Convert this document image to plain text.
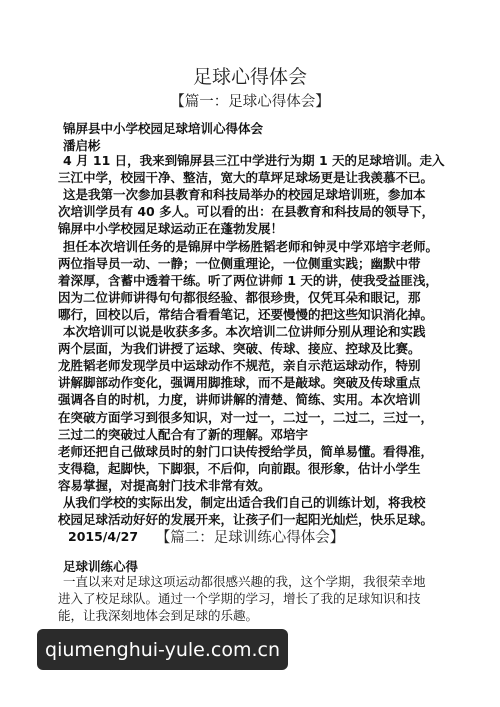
足球心得体会
【篇一：足球心得体会】
锦屏县中小学校园足球培训心得体会
潘启彬
4 月 11 日，我来到锦屏县三江中学进行为期 1 天的足球培训。走入
三江中学，校园干净、整洁，宽大的草坪足球场更是让我羡慕不已。
这是我第一次参加县教育和科技局举办的校园足球培训班，参加本
次培训学员有 40 多人。可以看的出：在县教育和科技局的领导下，
锦屏中小学校园足球运动正在蓬勃发展！
担任本次培训任务的是锦屏中学杨胜韬老师和钟灵中学邓培宇老师。
两位指导员一动、一静；一位侧重理论，一位侧重实践；幽默中带
着深厚，含蓄中透着干练。听了两位讲师 1 天的讲，使我受益匪浅，
因为二位讲师讲得句句都很经验、都很珍贵，仅凭耳朵和眼记，那
哪行，回校以后，常结合看看笔记，还要慢慢的把这些知识消化掉。
本次培训可以说是收获多多。本次培训二位讲师分别从理论和实践
两个层面，为我们讲授了运球、突破、传球、接应、控球及比赛。
龙胜韬老师发现学员中运球动作不规范，亲自示范运球动作，特别
讲解脚部动作变化，强调用脚推球，而不是敲球。突破及传球重点
强调各自的时机，力度，讲师讲解的清楚、简练、实用。本次培训
在突破方面学习到很多知识，对一过一，二过一，二过二，三过一，
三过二的突破过人配合有了新的理解。邓培宇
老师还把自己做球员时的射门口诀传授给学员，简单易懂。看得准，
支得稳，起脚快，下脚狠，不后仰，向前跟。很形象，估计小学生
容易掌握，对提高射门技术非常有效。
从我们学校的实际出发，制定出适合我们自己的训练计划，将我校
校园足球活动好好的发展开来，让孩子们一起阳光灿烂，快乐足球。
2015/4/27	【篇二：足球训练心得体会】
足球训练心得
一直以来对足球这项运动都很感兴趣的我，这个学期，我很荣幸地
进入了校足球队。通过一个学期的学习，增长了我的足球知识和技
能，让我深刻地体会到足球的乐趣。
qiumenghui-yule.com.cn
